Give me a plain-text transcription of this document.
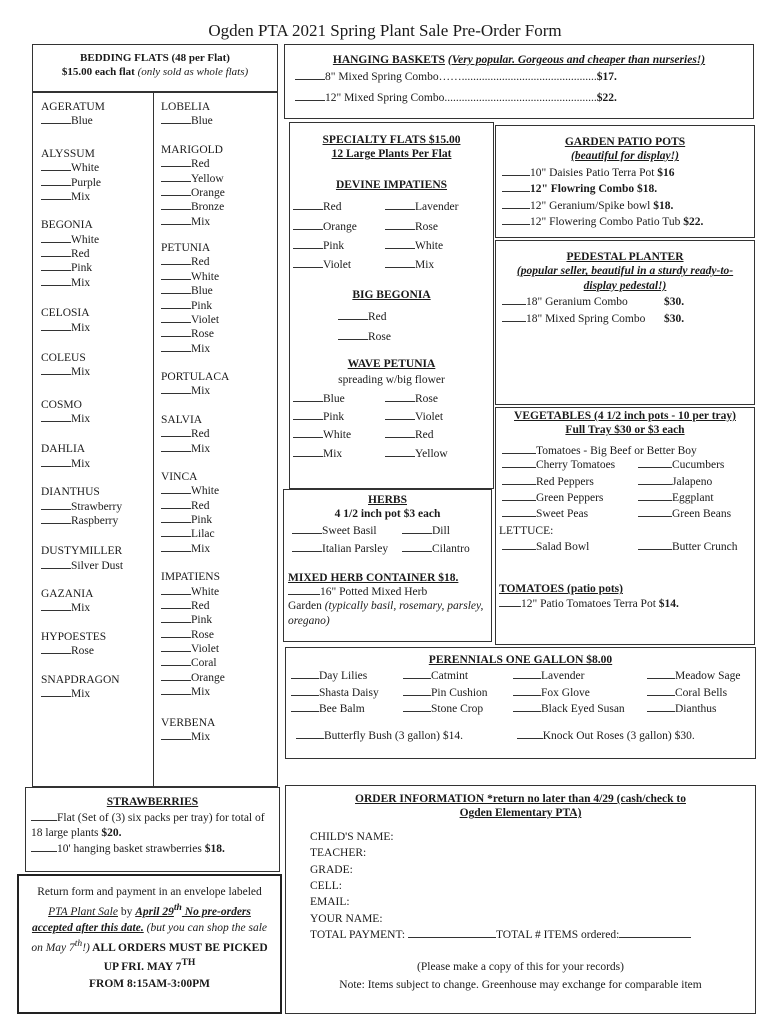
Ogden PTA 2021 Spring Plant Sale Pre-Order Form
BEDDING FLATS (48 per Flat)
$15.00 each flat (only sold as whole flats)
AGERATUM
Blue
ALYSSUM
White
Purple
Mix
BEGONIA
White
Red
Pink
Mix
CELOSIA
Mix
COLEUS
Mix
COSMO
Mix
DAHLIA
Mix
DIANTHUS
Strawberry
Raspberry
DUSTYMILLER
Silver Dust
GAZANIA
Mix
HYPOESTES
Rose
SNAPDRAGON
Mix
LOBELIA
Blue
MARIGOLD
Red
Yellow
Orange
Bronze
Mix
PETUNIA
Red
White
Blue
Pink
Violet
Rose
Mix
PORTULACA
Mix
SALVIA
Red
Mix
VINCA
White
Red
Pink
Lilac
Mix
IMPATIENS
White
Red
Pink
Rose
Violet
Coral
Orange
Mix
VERBENA
Mix
HANGING BASKETS (Very popular. Gorgeous and cheaper than nurseries!)
8" Mixed Spring Combo……...............................................$17.
12" Mixed Spring Combo.....................................................$22.
SPECIALTY FLATS $15.00
12 Large Plants Per Flat
DEVINE IMPATIENS
Red	Lavender
Orange	Rose
Pink	White
Violet	Mix
BIG BEGONIA
Red
Rose
WAVE PETUNIA
spreading w/big flower
Blue	Rose
Pink	Violet
White	Red
Mix	Yellow
HERBS
4 1/2 inch pot $3 each
Sweet Basil	Dill
Italian Parsley	Cilantro
MIXED HERB CONTAINER $18.
16" Potted Mixed Herb
Garden (typically basil, rosemary, parsley, oregano)
GARDEN PATIO POTS
(beautiful for display!)
10" Daisies Patio Terra Pot $16
12" Flowring Combo $18.
12" Geranium/Spike bowl $18.
12" Flowering Combo Patio Tub $22.
PEDESTAL PLANTER
(popular seller, beautiful in a sturdy ready-to-display pedestal!)
18" Geranium Combo	$30.
18" Mixed Spring Combo $30.
VEGETABLES (4 1/2 inch pots - 10 per tray)
Full Tray $30 or $3 each
Tomatoes - Big Beef or Better Boy
Cherry Tomatoes	Cucumbers
Red Peppers	Jalapeno
Green Peppers	Eggplant
Sweet Peas	Green Beans
LETTUCE:
Salad Bowl	Butter Crunch
TOMATOES (patio pots)
12" Patio Tomatoes Terra Pot $14.
PERENNIALS ONE GALLON $8.00
Day Lilies	Catmint	Lavender	Meadow Sage
Shasta Daisy	Pin Cushion	Fox Glove	Coral Bells
Bee Balm	Stone Crop	Black Eyed Susan	Dianthus
Butterfly Bush (3 gallon) $14.	Knock Out Roses (3 gallon) $30.
STRAWBERRIES
Flat (Set of (3) six packs per tray) for total of 18 large plants $20.
10' hanging basket strawberries $18.
Return form and payment in an envelope labeled PTA Plant Sale by April 29th No pre-orders accepted after this date. (but you can shop the sale on May 7th!) ALL ORDERS MUST BE PICKED UP FRI. MAY 7TH
FROM 8:15AM-3:00PM
ORDER INFORMATION *return no later than 4/29 (cash/check to Ogden Elementary PTA)
CHILD'S NAME:
TEACHER:
GRADE:
CELL:
EMAIL:
YOUR NAME:
TOTAL PAYMENT:	TOTAL # ITEMS ordered:
(Please make a copy of this for your records)
Note: Items subject to change. Greenhouse may exchange for comparable item
